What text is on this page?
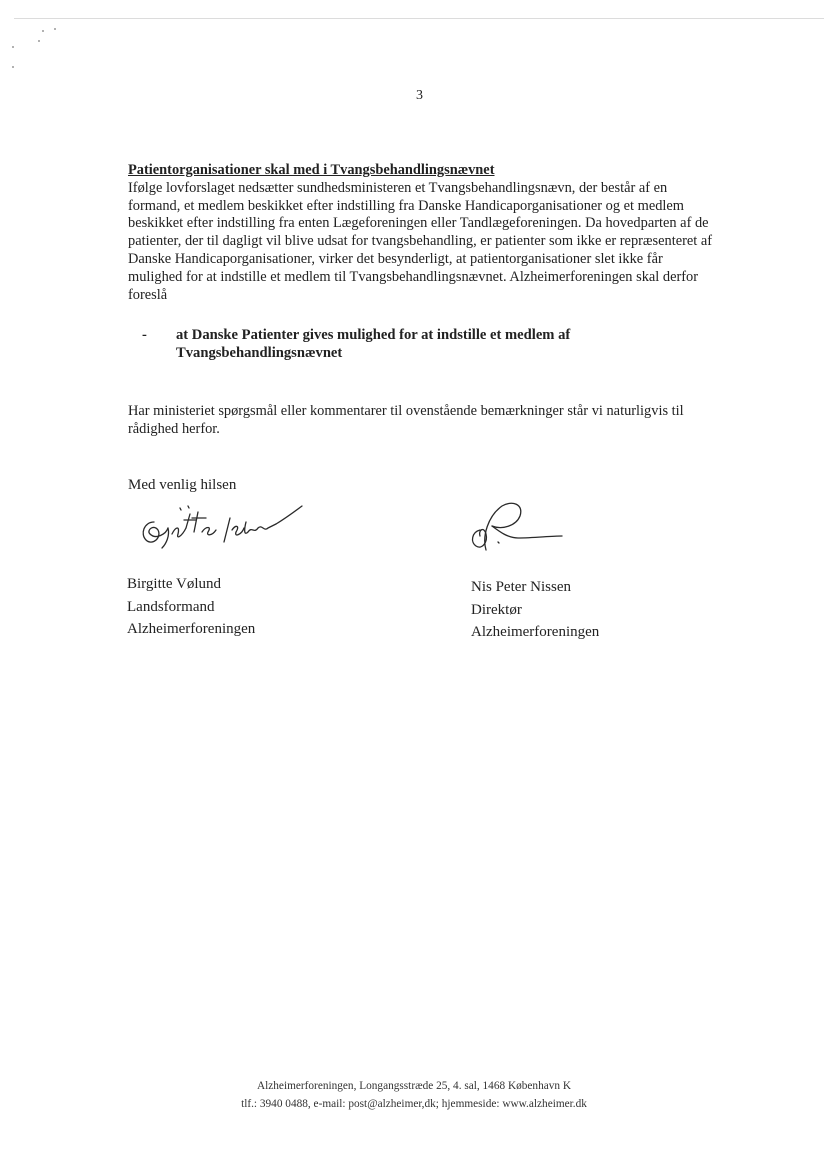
3
Patientorganisationer skal med i Tvangsbehandlingsnævnet

Ifølge lovforslaget nedsætter sundhedsministeren et Tvangsbehandlingsnævn, der består af en formand, et medlem beskikket efter indstilling fra Danske Handicaporganisationer og et medlem beskikket efter indstilling fra enten Lægeforeningen eller Tandlægeforeningen. Da hovedparten af de patienter, der til dagligt vil blive udsat for tvangsbehandling, er patienter som ikke er repræsenteret af Danske Handicaporganisationer, virker det besynderligt, at patientorganisationer slet ikke får mulighed for at indstille et medlem til Tvangsbehandlingsnævnet. Alzheimerforeningen skal derfor foreslå

-	at Danske Patienter gives mulighed for at indstille et medlem af Tvangsbehandlingsnævnet

Har ministeriet spørgsmål eller kommentarer til ovenstående bemærkninger står vi naturligvis til rådighed herfor.

Med venlig hilsen

Birgitte Vølund
Landsformand
Alzheimerforeningen
Nis Peter Nissen
Direktør
Alzheimerforeningen
Alzheimerforeningen, Longangsstræde 25, 4. sal, 1468 København K
tlf.: 3940 0488, e-mail: post@alzheimer,dk; hjemmeside: www.alzheimer.dk
